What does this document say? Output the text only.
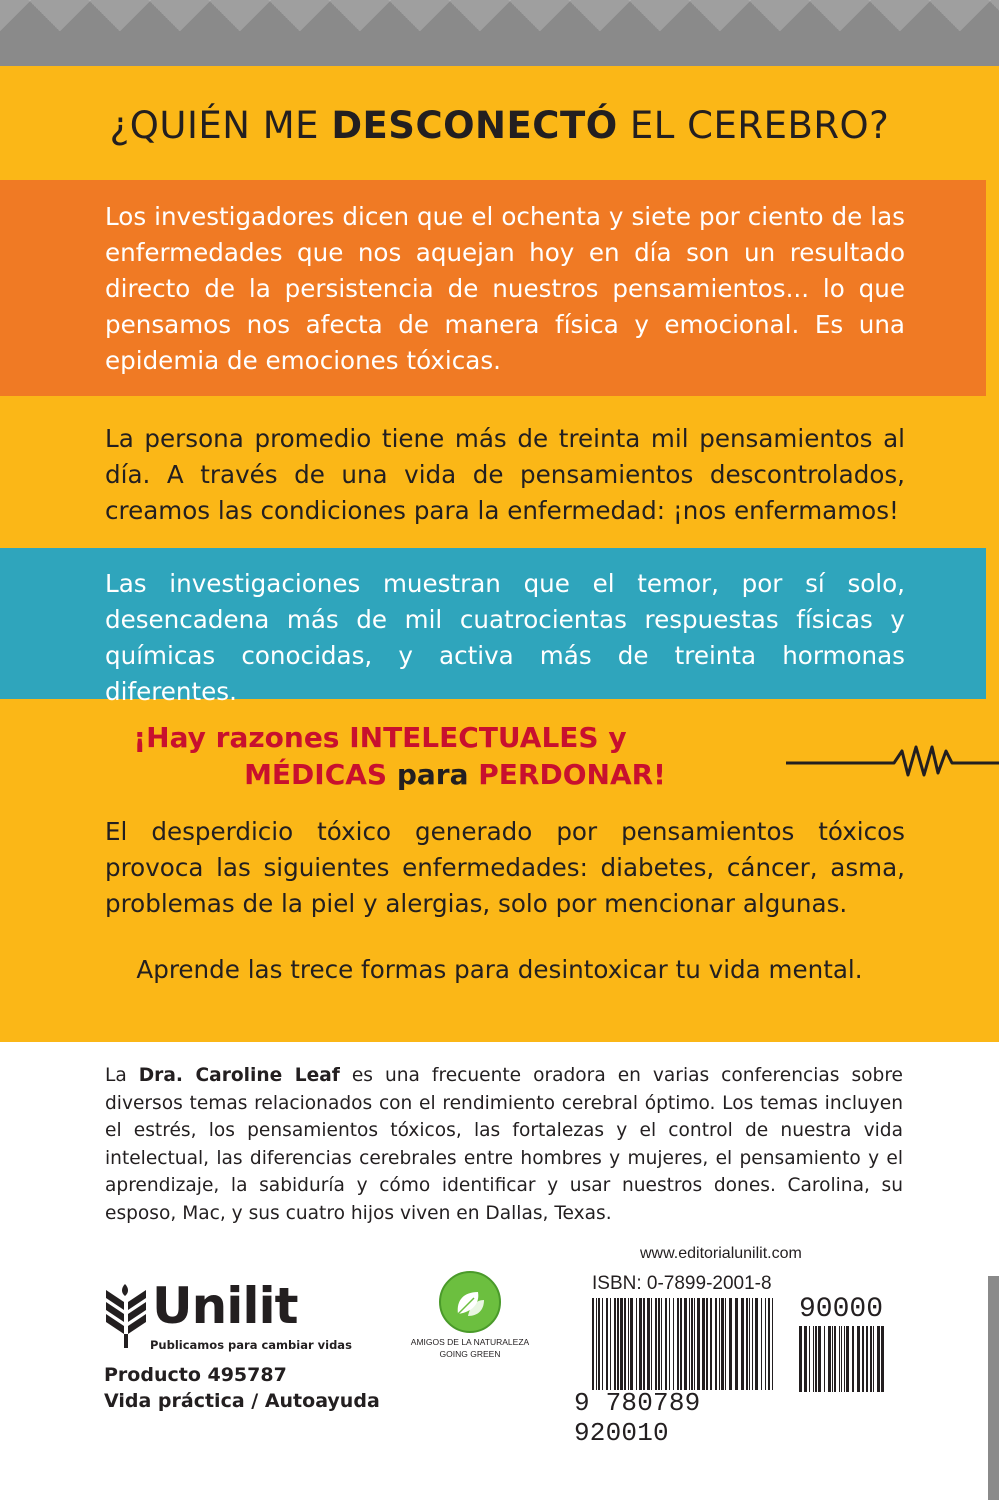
¿QUIÉN ME DESCONECTÓ EL CEREBRO?

Los investigadores dicen que el ochenta y siete por ciento de las enfermedades que nos aquejan hoy en día son un resultado directo de la persistencia de nuestros pensamientos... lo que pensamos nos afecta de manera física y emocional. Es una epidemia de emociones tóxicas.

La persona promedio tiene más de treinta mil pensamientos al día. A través de una vida de pensamientos descontrolados, creamos las condiciones para la enfermedad: ¡nos enfermamos!

Las investigaciones muestran que el temor, por sí solo, desencadena más de mil cuatrocientas respuestas físicas y químicas conocidas, y activa más de treinta hormonas diferentes.

¡Hay razones INTELECTUALES y
MÉDICAS para PERDONAR!

El desperdicio tóxico generado por pensamientos tóxicos provoca las siguientes enfermedades: diabetes, cáncer, asma, problemas de la piel y alergias, solo por mencionar algunas.

Aprende las trece formas para desintoxicar tu vida mental.

La Dra. Caroline Leaf es una frecuente oradora en varias conferencias sobre diversos temas relacionados con el rendimiento cerebral óptimo. Los temas incluyen el estrés, los pensamientos tóxicos, las fortalezas y el control de nuestra vida intelectual, las diferencias cerebrales entre hombres y mujeres, el pensamiento y el aprendizaje, la sabiduría y cómo identificar y usar nuestros dones. Carolina, su esposo, Mac, y sus cuatro hijos viven en Dallas, Texas.

Unilit
Publicamos para cambiar vidas
Producto 495787
Vida práctica / Autoayuda
AMIGOS DE LA NATURALEZA
GOING GREEN
www.editorialunilit.com
ISBN: 0-7899-2001-8
90000
9 780789 920010
